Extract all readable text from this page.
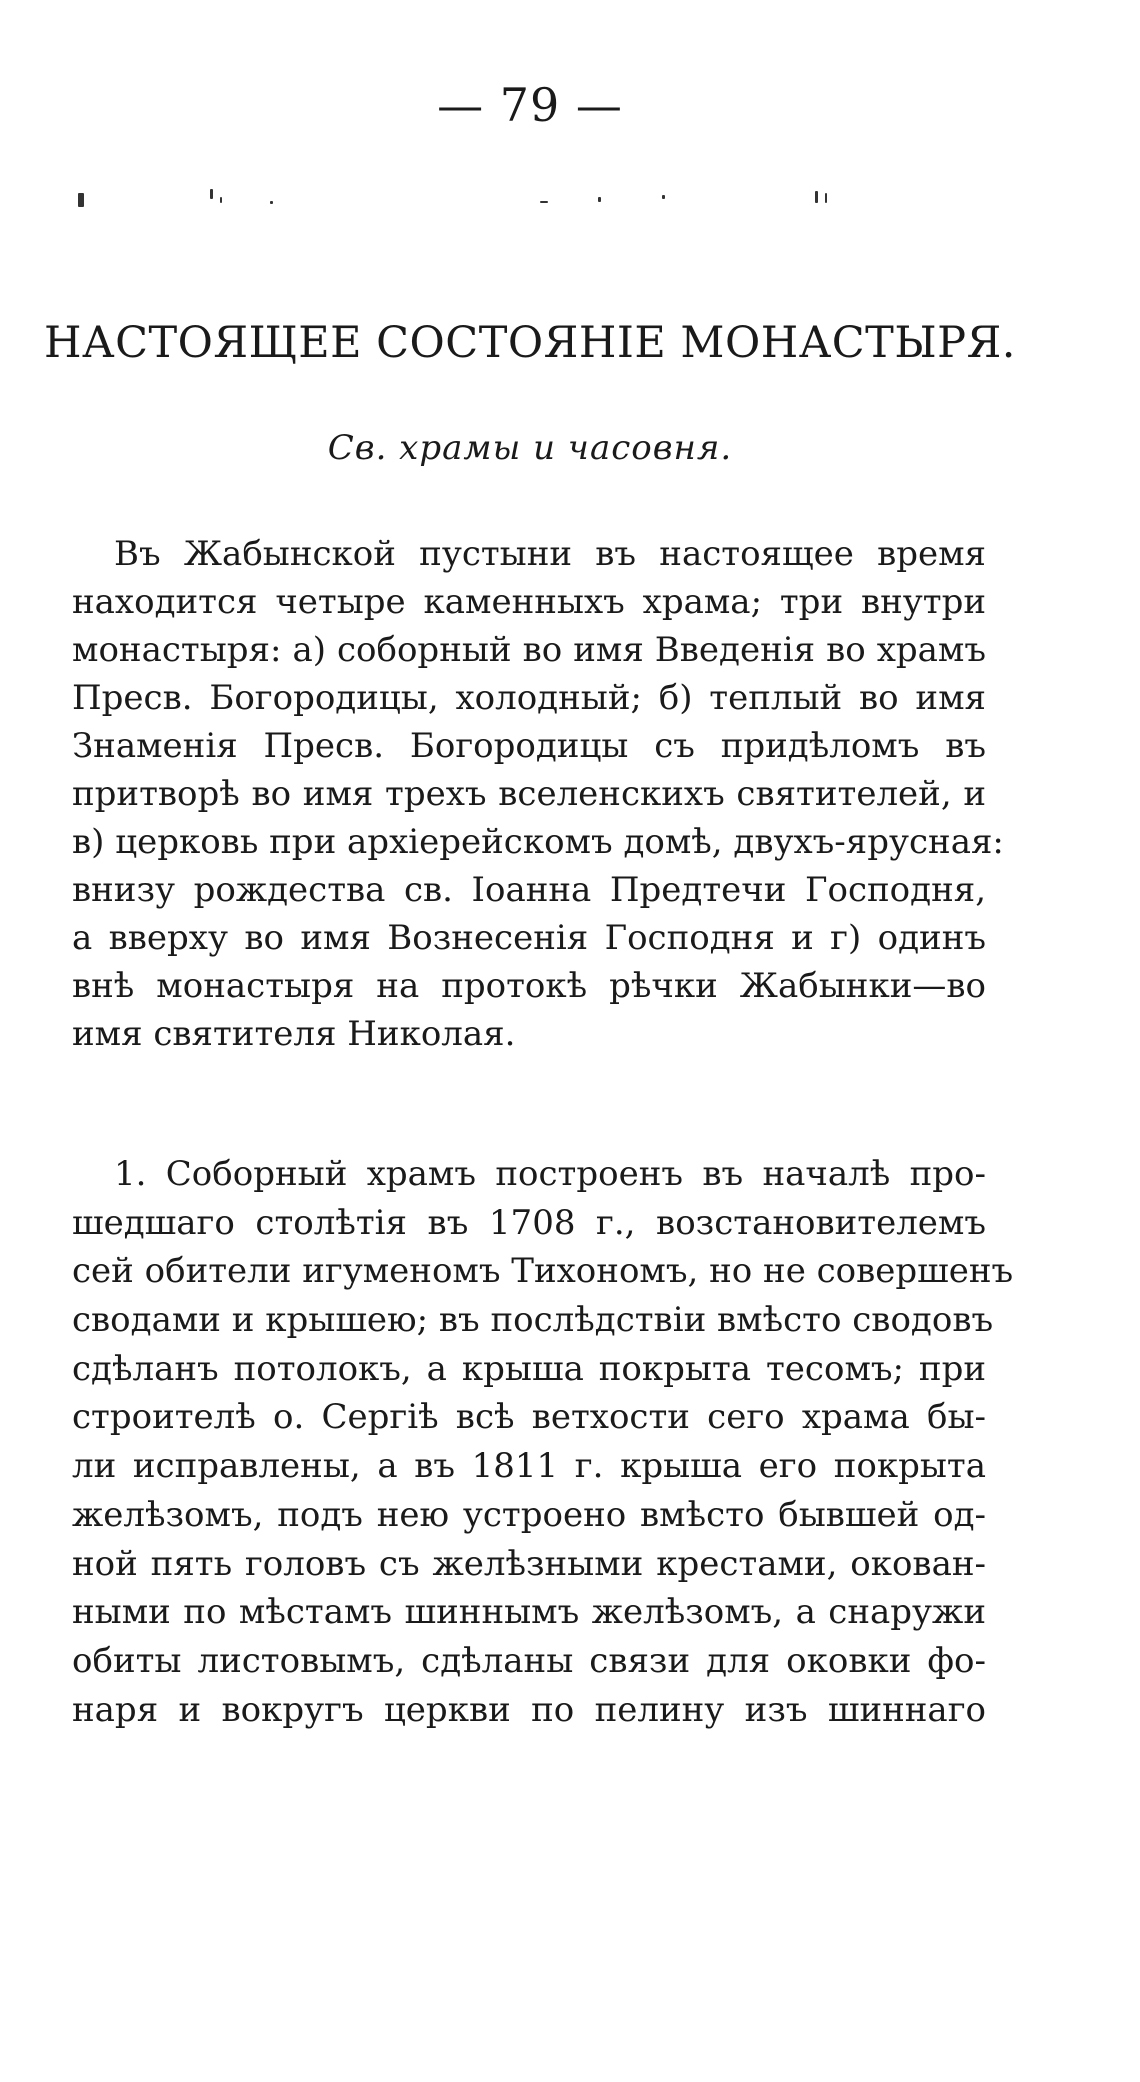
— 79 —
НАСТОЯЩЕЕ СОСТОЯНІЕ МОНАСТЫРЯ.
Св. храмы и часовня.
Въ Жабынской пустыни въ настоящее время
находится четыре каменныхъ храма; три внутри
монастыря: а) соборный во имя Введенія во храмъ
Пресв. Богородицы, холодный; б) теплый во имя
Знаменія Пресв. Богородицы съ придѣломъ въ
притворѣ во имя трехъ вселенскихъ святителей, и
в) церковь при архіерейскомъ домѣ, двухъ-ярусная:
внизу рождества св. Іоанна Предтечи Господня,
а вверху во имя Вознесенія Господня и г) одинъ
внѣ монастыря на протокѣ рѣчки Жабынки—во
имя святителя Николая.
1. Соборный храмъ построенъ въ началѣ про-
шедшаго столѣтія въ 1708 г., возстановителемъ
сей обители игуменомъ Тихономъ, но не совершенъ
сводами и крышею; въ послѣдствіи вмѣсто сводовъ
сдѣланъ потолокъ, а крыша покрыта тесомъ; при
строителѣ о. Сергіѣ всѣ ветхости сего храма бы-
ли исправлены, а въ 1811 г. крыша его покрыта
желѣзомъ, подъ нею устроено вмѣсто бывшей од-
ной пять головъ съ желѣзными крестами, окован-
ными по мѣстамъ шиннымъ желѣзомъ, а снаружи
обиты листовымъ, сдѣланы связи для оковки фо-
наря и вокругъ церкви по пелину изъ шиннаго
